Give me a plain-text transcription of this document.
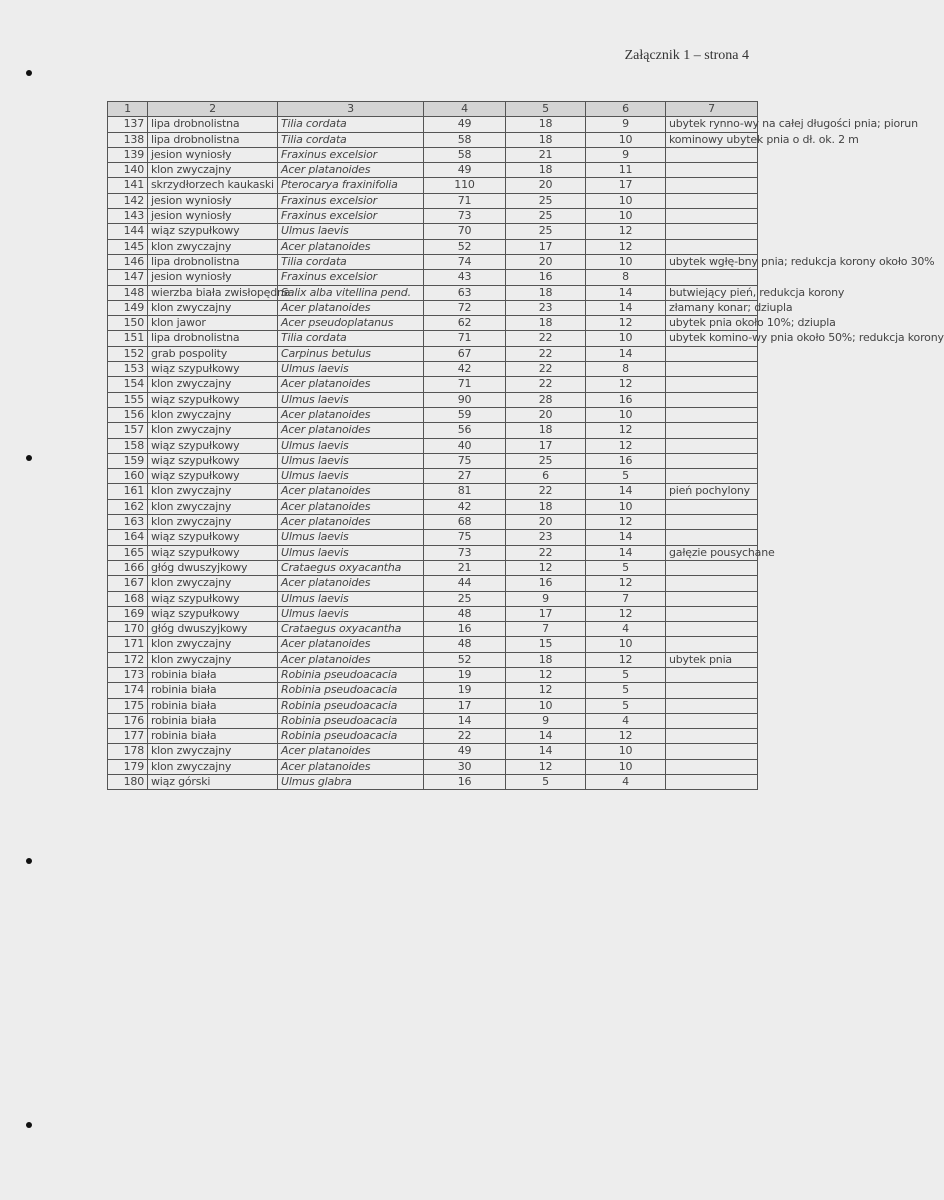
Załącznik 1 – strona 4
1	2	3	4	5	6	7
137	lipa drobnolistna	Tilia cordata	49	18	9	ubytek rynno-wy na całej długości pnia; piorun
138	lipa drobnolistna	Tilia cordata	58	18	10	kominowy ubytek pnia o dł. ok. 2 m
139	jesion wyniosły	Fraxinus excelsior	58	21	9	
140	klon zwyczajny	Acer platanoides	49	18	11	
141	skrzydłorzech kaukaski	Pterocarya fraxinifolia	110	20	17	
142	jesion wyniosły	Fraxinus excelsior	71	25	10	
143	jesion wyniosły	Fraxinus excelsior	73	25	10	
144	wiąz szypułkowy	Ulmus laevis	70	25	12	
145	klon zwyczajny	Acer platanoides	52	17	12	
146	lipa drobnolistna	Tilia cordata	74	20	10	ubytek wgłę-bny pnia; redukcja korony około 30%
147	jesion wyniosły	Fraxinus excelsior	43	16	8	
148	wierzba biała zwisłopędna	Salix alba vitellina pend.	63	18	14	butwiejący pień, redukcja korony
149	klon zwyczajny	Acer platanoides	72	23	14	złamany konar; dziupla
150	klon jawor	Acer pseudoplatanus	62	18	12	ubytek pnia około 10%; dziupla
151	lipa drobnolistna	Tilia cordata	71	22	10	ubytek komino-wy pnia około 50%; redukcja korony
152	grab pospolity	Carpinus betulus	67	22	14	
153	wiąz szypułkowy	Ulmus laevis	42	22	8	
154	klon zwyczajny	Acer platanoides	71	22	12	
155	wiąz szypułkowy	Ulmus laevis	90	28	16	
156	klon zwyczajny	Acer platanoides	59	20	10	
157	klon zwyczajny	Acer platanoides	56	18	12	
158	wiąz szypułkowy	Ulmus laevis	40	17	12	
159	wiąz szypułkowy	Ulmus laevis	75	25	16	
160	wiąz szypułkowy	Ulmus laevis	27	6	5	
161	klon zwyczajny	Acer platanoides	81	22	14	pień pochylony
162	klon zwyczajny	Acer platanoides	42	18	10	
163	klon zwyczajny	Acer platanoides	68	20	12	
164	wiąz szypułkowy	Ulmus laevis	75	23	14	
165	wiąz szypułkowy	Ulmus laevis	73	22	14	gałęzie pousychane
166	głóg dwuszyjkowy	Crataegus oxyacantha	21	12	5	
167	klon zwyczajny	Acer platanoides	44	16	12	
168	wiąz szypułkowy	Ulmus laevis	25	9	7	
169	wiąz szypułkowy	Ulmus laevis	48	17	12	
170	głóg dwuszyjkowy	Crataegus oxyacantha	16	7	4	
171	klon zwyczajny	Acer platanoides	48	15	10	
172	klon zwyczajny	Acer platanoides	52	18	12	ubytek pnia
173	robinia biała	Robinia pseudoacacia	19	12	5	
174	robinia biała	Robinia pseudoacacia	19	12	5	
175	robinia biała	Robinia pseudoacacia	17	10	5	
176	robinia biała	Robinia pseudoacacia	14	9	4	
177	robinia biała	Robinia pseudoacacia	22	14	12	
178	klon zwyczajny	Acer platanoides	49	14	10	
179	klon zwyczajny	Acer platanoides	30	12	10	
180	wiąz górski	Ulmus glabra	16	5	4	
